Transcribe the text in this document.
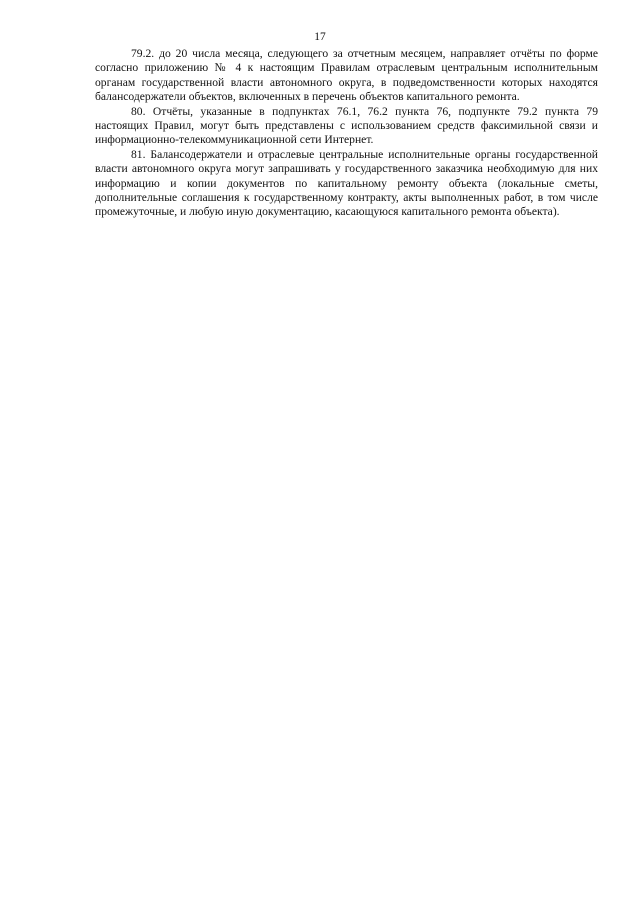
17

79.2. до 20 числа месяца, следующего за отчетным месяцем, направляет отчёты по форме согласно приложению № 4 к настоящим Правилам отраслевым центральным исполнительным органам государственной власти автономного округа, в подведомственности которых находятся балансодержатели объектов, включенных в перечень объектов капитального ремонта.

80. Отчёты, указанные в подпунктах 76.1, 76.2 пункта 76, подпункте 79.2 пункта 79 настоящих Правил, могут быть представлены с использованием средств факсимильной связи и информационно-телекоммуникационной сети Интернет.

81. Балансодержатели и отраслевые центральные исполнительные органы государственной власти автономного округа могут запрашивать у государственного заказчика необходимую для них информацию и копии документов по капитальному ремонту объекта (локальные сметы, дополнительные соглашения к государственному контракту, акты выполненных работ, в том числе промежуточные, и любую иную документацию, касающуюся капитального ремонта объекта).
